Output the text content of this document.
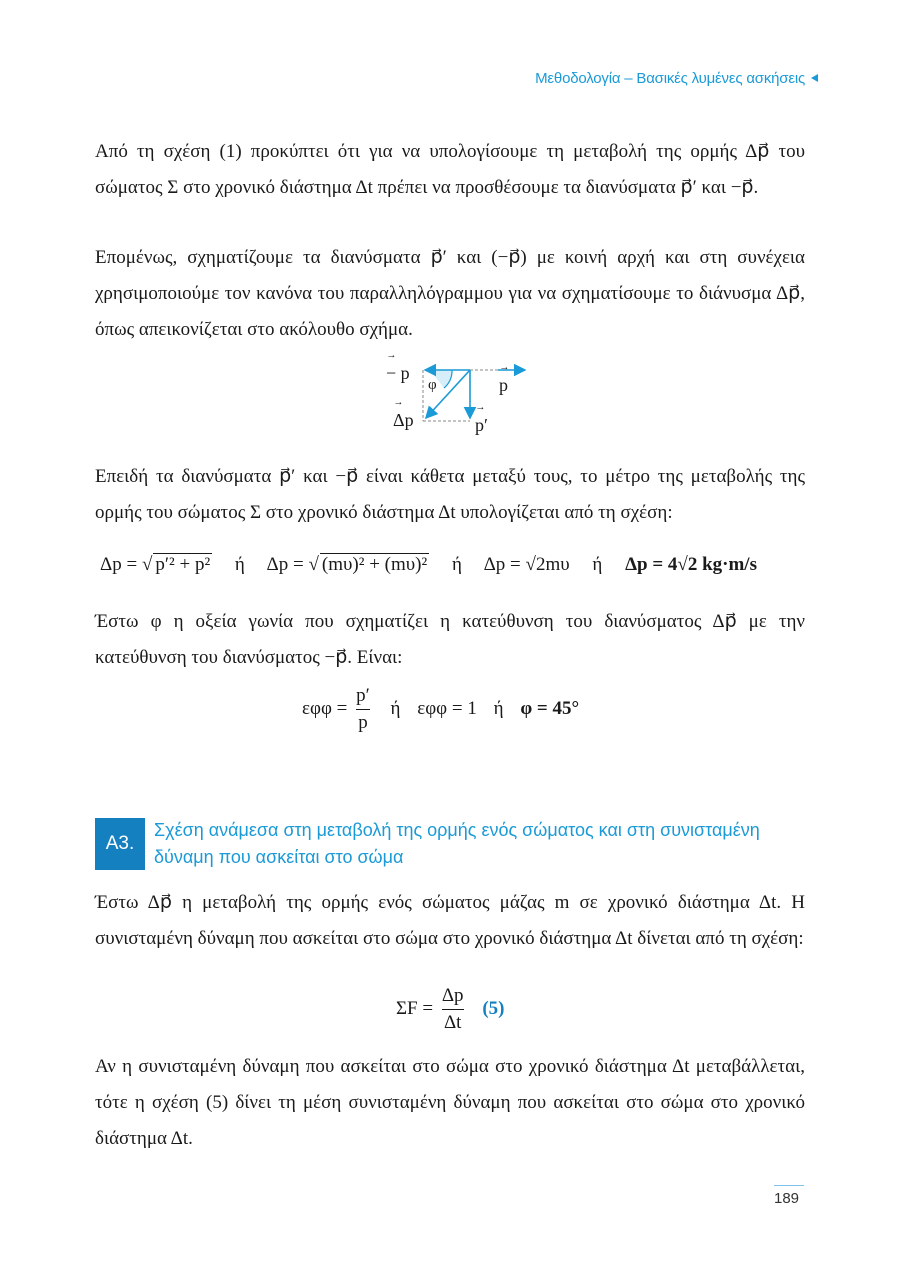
Μεθοδολογία – Βασικές λυμένες ασκήσεις
Από τη σχέση (1) προκύπτει ότι για να υπολογίσουμε τη μεταβολή της ορμής Δp⃗ του σώματος Σ στο χρονικό διάστημα Δt πρέπει να προσθέσουμε τα διανύσματα p⃗′ και −p⃗.
Επομένως, σχηματίζουμε τα διανύσματα p⃗′ και (−p⃗) με κοινή αρχή και στη συνέχεια χρησιμοποιούμε τον κανόνα του παραλληλόγραμμου για να σχηματίσουμε το διάνυσμα Δp⃗, όπως απεικονίζεται στο ακόλουθο σχήμα.
→ − p
φ	→ p
→ Δp	→ p′
Επειδή τα διανύσματα p⃗′ και −p⃗ είναι κάθετα μεταξύ τους, το μέτρο της μεταβολής της ορμής του σώματος Σ στο χρονικό διάστημα Δt υπολογίζεται από τη σχέση:
Δp = √ p′² + p² ή Δp = √ (mυ)² + (mυ)² ή Δp = √2mυ ή Δp = 4√2 kg·m/s
Έστω φ η οξεία γωνία που σχηματίζει η κατεύθυνση του διανύσματος Δp⃗ με την κατεύθυνση του διανύσματος −p⃗. Είναι:
$\varepsilon\varphi\varphi = \frac{p'}{p}$ ή εφφ = 1 ή φ = 45°
Α3.
Σχέση ανάμεσα στη μεταβολή της ορμής ενός σώματος και στη συνισταμένη δύναμη που ασκείται στο σώμα
Έστω Δp⃗ η μεταβολή της ορμής ενός σώματος μάζας m σε χρονικό διάστημα Δt. Η συνισταμένη δύναμη που ασκείται στο σώμα στο χρονικό διάστημα Δt δίνεται από τη σχέση:
$\Sigma F = \frac{\Delta p}{\Delta t} (5)$
Αν η συνισταμένη δύναμη που ασκείται στο σώμα στο χρονικό διάστημα Δt μεταβάλλεται, τότε η σχέση (5) δίνει τη μέση συνισταμένη δύναμη που ασκείται στο σώμα στο χρονικό διάστημα Δt.
189
